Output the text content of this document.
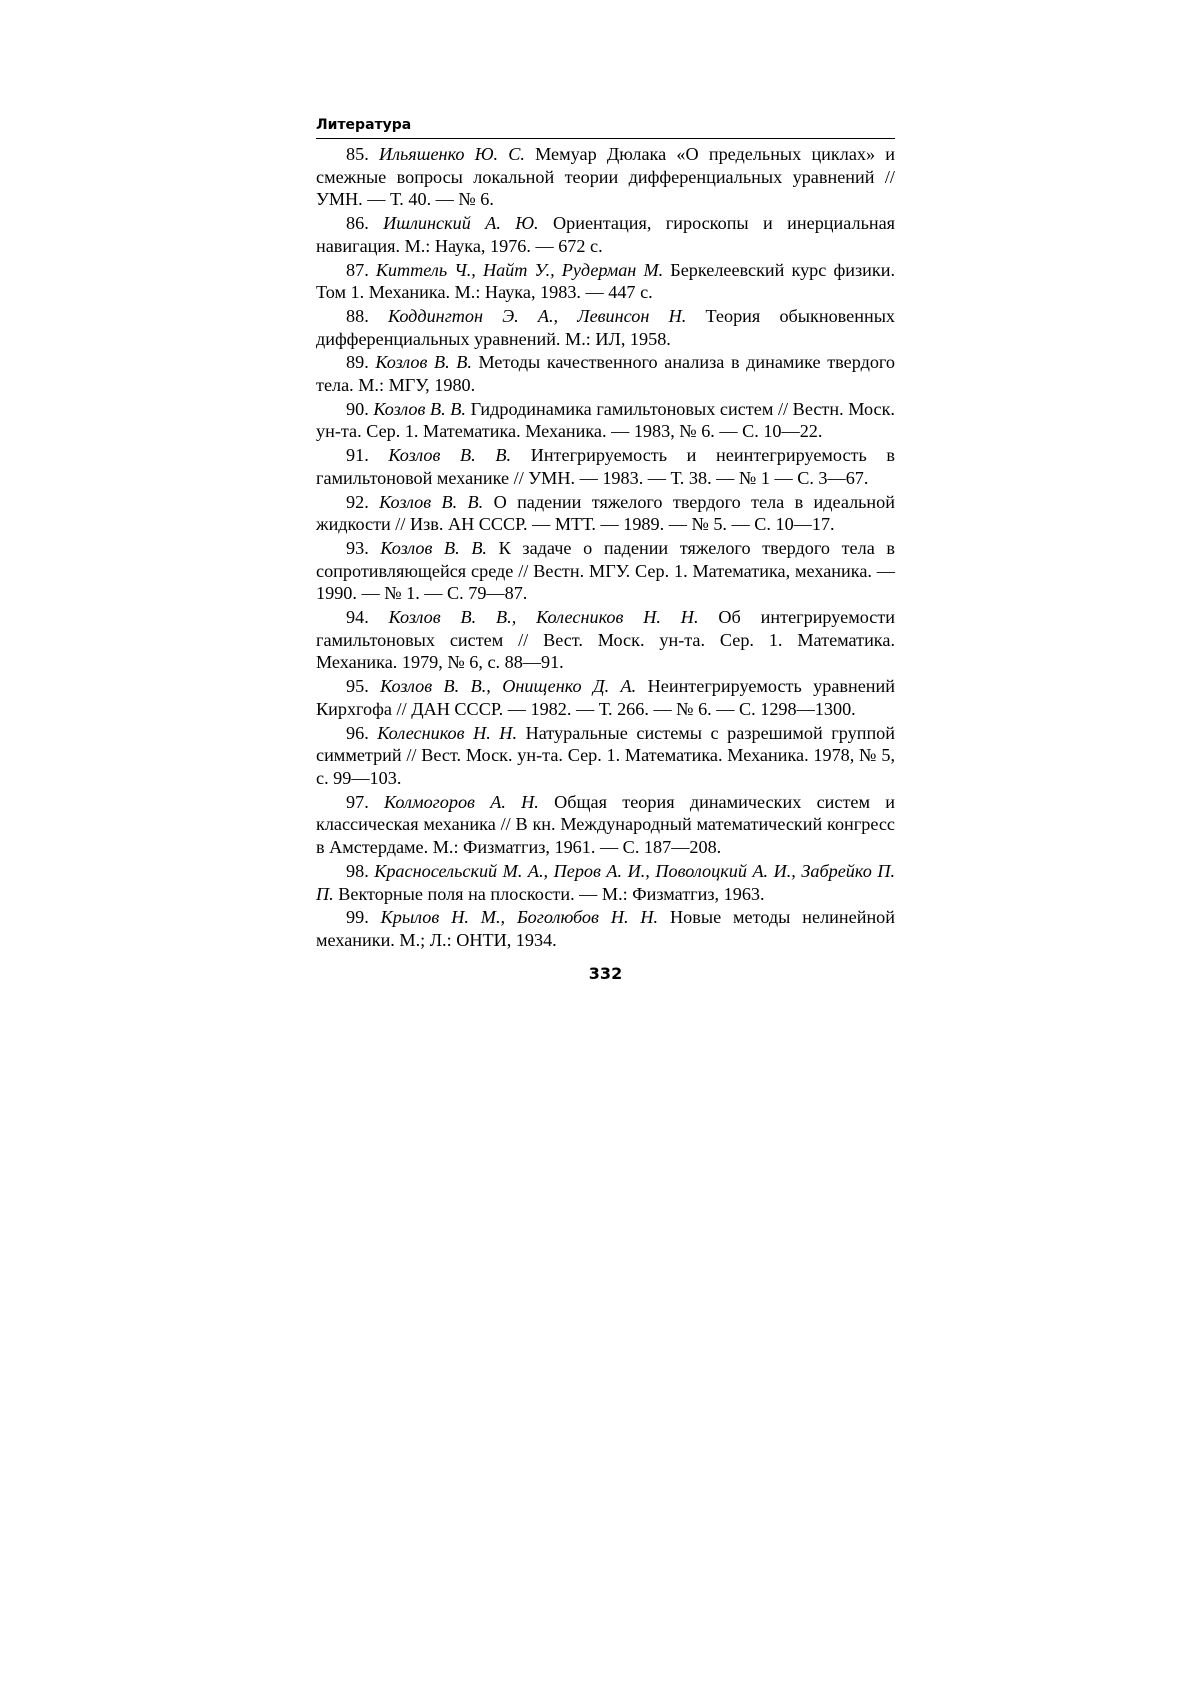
Литература

85. Ильяшенко Ю. С. Мемуар Дюлака «О предельных циклах» и смежные вопросы локальной теории дифференциальных уравнений // УМН. — Т. 40. — № 6.

86. Ишлинский А. Ю. Ориентация, гироскопы и инерциальная навигация. М.: Наука, 1976. — 672 с.

87. Киттель Ч., Найт У., Рудерман М. Беркелеевский курс физики. Том 1. Механика. М.: Наука, 1983. — 447 с.

88. Коддингтон Э. А., Левинсон Н. Теория обыкновенных дифференциальных уравнений. М.: ИЛ, 1958.

89. Козлов В. В. Методы качественного анализа в динамике твердого тела. М.: МГУ, 1980.

90. Козлов В. В. Гидродинамика гамильтоновых систем // Вестн. Моск. ун-та. Сер. 1. Математика. Механика. — 1983, № 6. — С. 10—22.

91. Козлов В. В. Интегрируемость и неинтегрируемость в гамильтоновой механике // УМН. — 1983. — Т. 38. — № 1 — С. 3—67.

92. Козлов В. В. О падении тяжелого твердого тела в идеальной жидкости // Изв. АН СССР. — МТТ. — 1989. — № 5. — С. 10—17.

93. Козлов В. В. К задаче о падении тяжелого твердого тела в сопротивляющейся среде // Вестн. МГУ. Сер. 1. Математика, механика. — 1990. — № 1. — С. 79—87.

94. Козлов В. В., Колесников Н. Н. Об интегрируемости гамильтоновых систем // Вест. Моск. ун-та. Сер. 1. Математика. Механика. 1979, № 6, с. 88—91.

95. Козлов В. В., Онищенко Д. А. Неинтегрируемость уравнений Кирхгофа // ДАН СССР. — 1982. — Т. 266. — № 6. — С. 1298—1300.

96. Колесников Н. Н. Натуральные системы с разрешимой группой симметрий // Вест. Моск. ун-та. Сер. 1. Математика. Механика. 1978, № 5, с. 99—103.

97. Колмогоров А. Н. Общая теория динамических систем и классическая механика // В кн. Международный математический конгресс в Амстердаме. М.: Физматгиз, 1961. — С. 187—208.

98. Красносельский М. А., Перов А. И., Поволоцкий А. И., Забрейко П. П. Векторные поля на плоскости. — М.: Физматгиз, 1963.

99. Крылов Н. М., Боголюбов Н. Н. Новые методы нелинейной механики. М.; Л.: ОНТИ, 1934.

332
